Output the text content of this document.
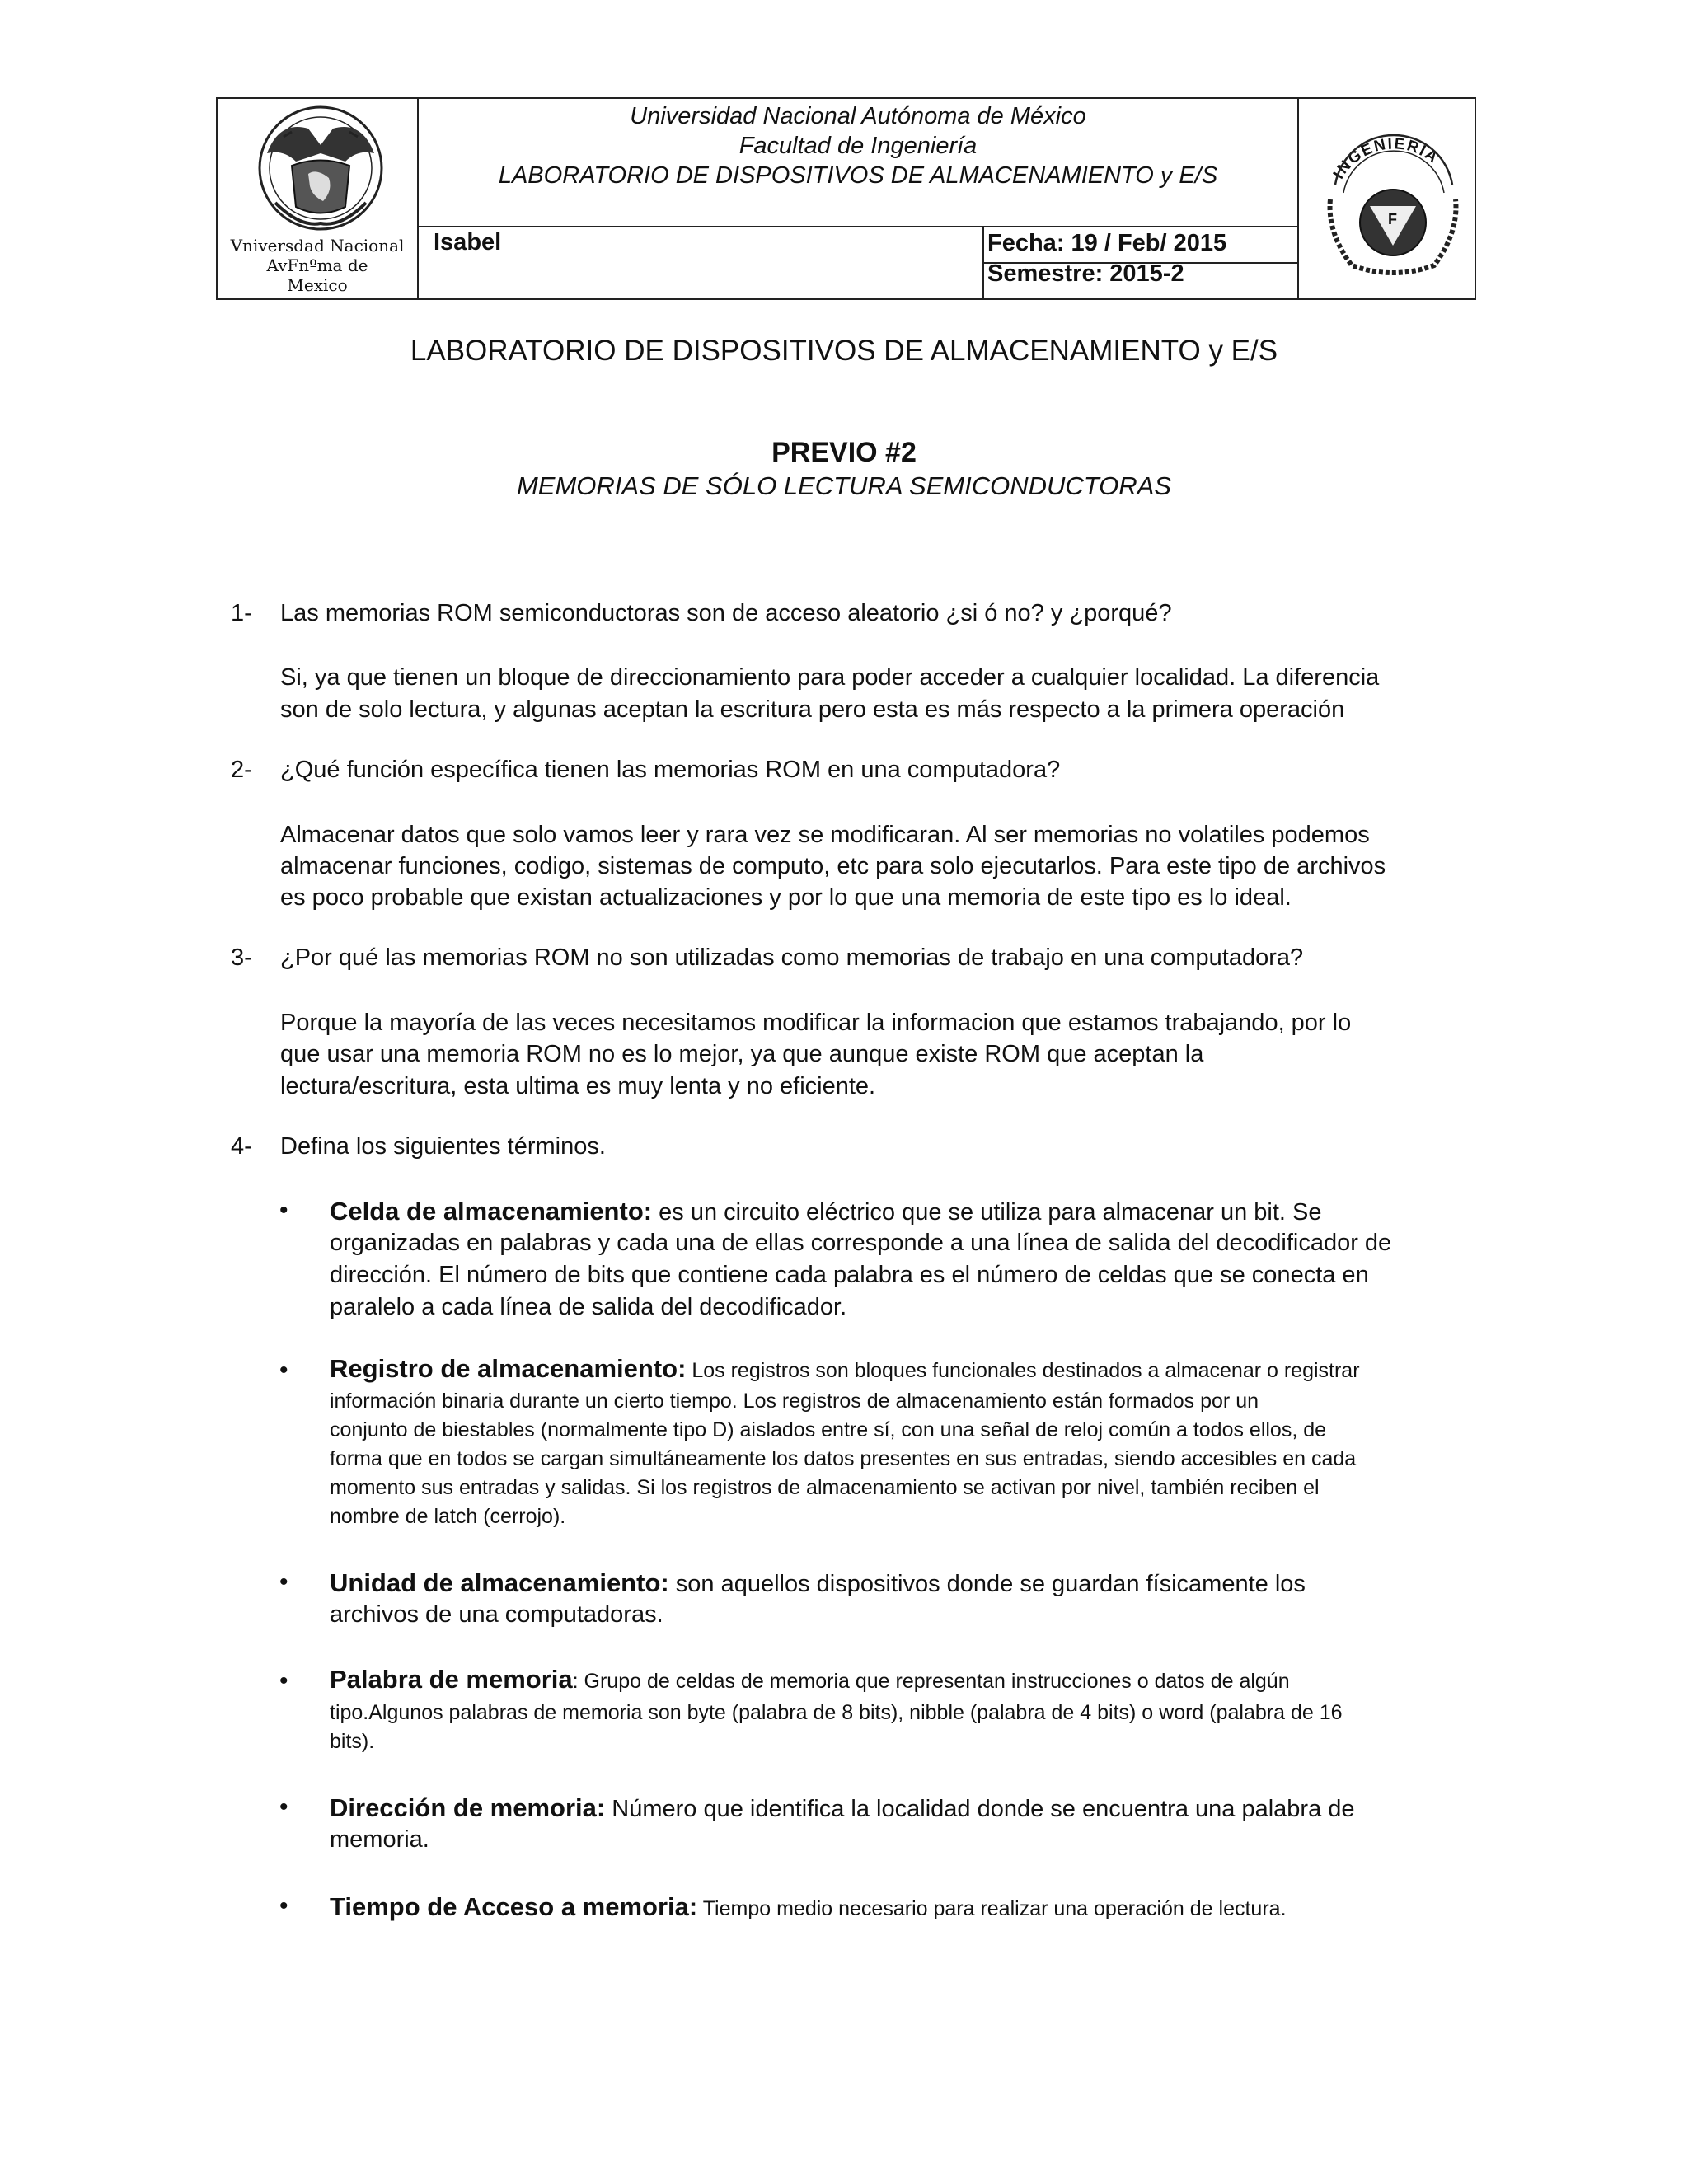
Vniversdad Nacional
AvFnºma de
Mexico
Universidad Nacional Autónoma de México
Facultad de Ingeniería
LABORATORIO DE DISPOSITIVOS DE ALMACENAMIENTO y E/S
Isabel	Fecha: 19 / Feb/ 2015
Semestre: 2015-2
INGENIERIA
F
LABORATORIO DE DISPOSITIVOS DE ALMACENAMIENTO y E/S
PREVIO #2
MEMORIAS DE SÓLO LECTURA SEMICONDUCTORAS
1- Las memorias ROM semiconductoras son de acceso aleatorio ¿si ó no? y ¿porqué?
Si, ya que tienen un bloque de direccionamiento para poder acceder a cualquier localidad. La diferencia
son de solo lectura, y algunas aceptan la escritura pero esta es más respecto a la primera operación
2- ¿Qué función específica tienen las memorias ROM en una computadora?
Almacenar datos que solo vamos leer y rara vez se modificaran. Al ser memorias no volatiles podemos
almacenar funciones, codigo, sistemas de computo, etc para solo ejecutarlos. Para este tipo de archivos
es poco probable que existan actualizaciones y por lo que una memoria de este tipo es lo ideal.
3- ¿Por qué las memorias ROM no son utilizadas como memorias de trabajo en una computadora?
Porque la mayoría de las veces necesitamos modificar la informacion que estamos trabajando, por lo
que usar una memoria ROM no es lo mejor, ya que aunque existe ROM que aceptan la
lectura/escritura, esta ultima es muy lenta y no eficiente.
4- Defina los siguientes términos.
• Celda de almacenamiento: es un circuito eléctrico que se utiliza para almacenar un bit. Se
organizadas en palabras y cada una de ellas corresponde a una línea de salida del decodificador de
dirección. El número de bits que contiene cada palabra es el número de celdas que se conecta en
paralelo a cada línea de salida del decodificador.
• Registro de almacenamiento: Los registros son bloques funcionales destinados a almacenar o registrar
información binaria durante un cierto tiempo. Los registros de almacenamiento están formados por un
conjunto de biestables (normalmente tipo D) aislados entre sí, con una señal de reloj común a todos ellos, de
forma que en todos se cargan simultáneamente los datos presentes en sus entradas, siendo accesibles en cada
momento sus entradas y salidas. Si los registros de almacenamiento se activan por nivel, también reciben el
nombre de latch (cerrojo).
• Unidad de almacenamiento: son aquellos dispositivos donde se guardan físicamente los
archivos de una computadoras.
• Palabra de memoria: Grupo de celdas de memoria que representan instrucciones o datos de algún
tipo.Algunos palabras de memoria son byte (palabra de 8 bits), nibble (palabra de 4 bits) o word (palabra de 16
bits).
• Dirección de memoria: Número que identifica la localidad donde se encuentra una palabra de
memoria.
• Tiempo de Acceso a memoria: Tiempo medio necesario para realizar una operación de lectura.
